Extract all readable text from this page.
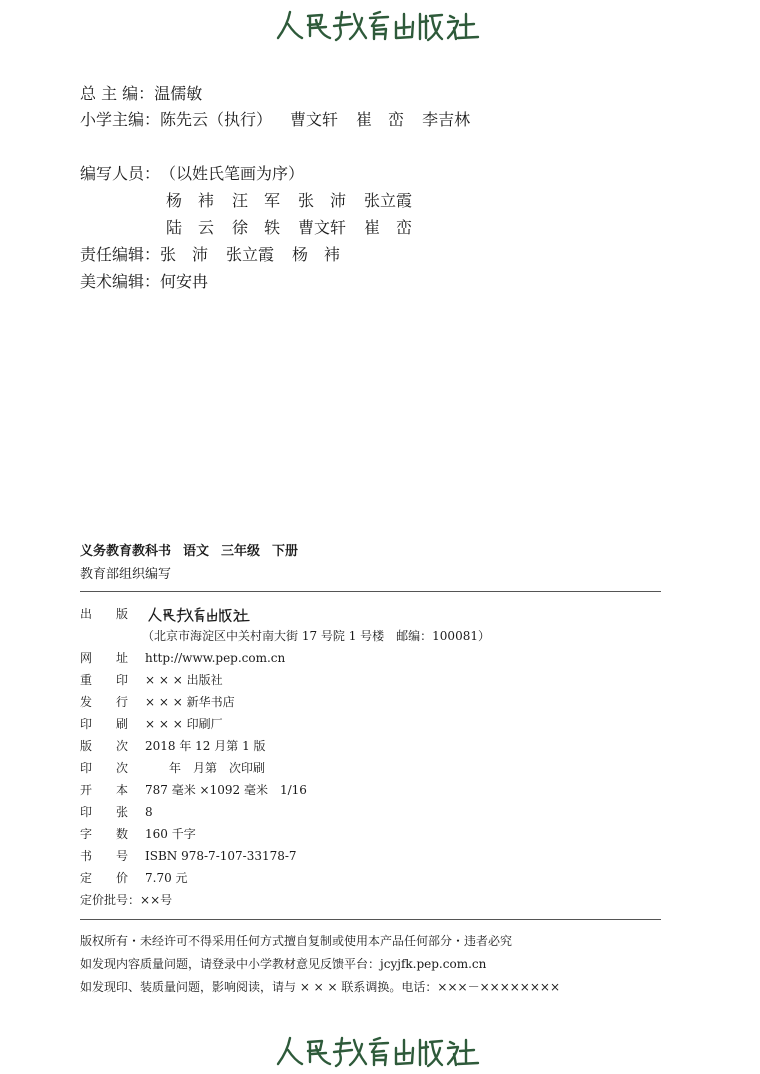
总 主 编：温儒敏
小学主编：陈先云（执行） 曹文轩 崔　峦 李吉林
编写人员：（以姓氏笔画为序）
杨　袆 汪　军 张　沛 张立霞
陆　云 徐　轶 曹文轩 崔　峦
责任编辑：张　沛 张立霞 杨　袆
美术编辑：何安冉
义务教育教科书 语文 三年级 下册
教育部组织编写
出　　版
（北京市海淀区中关村南大街 17 号院 1 号楼　邮编：100081）
网　　址 http://www.pep.com.cn
重　　印 × × × 出版社
发　　行 × × × 新华书店
印　　刷 × × × 印刷厂
版　　次 2018 年 12 月第 1 版
印　　次 　　年　月第　次印刷
开　　本 787 毫米 ×1092 毫米　1/16
印　　张 8
字　　数 160 千字
书　　号 ISBN 978-7-107-33178-7
定　　价 7.70 元
定价批号：××号
版权所有・未经许可不得采用任何方式擅自复制或使用本产品任何部分・违者必究
如发现内容质量问题，请登录中小学教材意见反馈平台：jcyjfk.pep.com.cn
如发现印、装质量问题，影响阅读，请与 × × × 联系调换。电话：×××－××××××××
